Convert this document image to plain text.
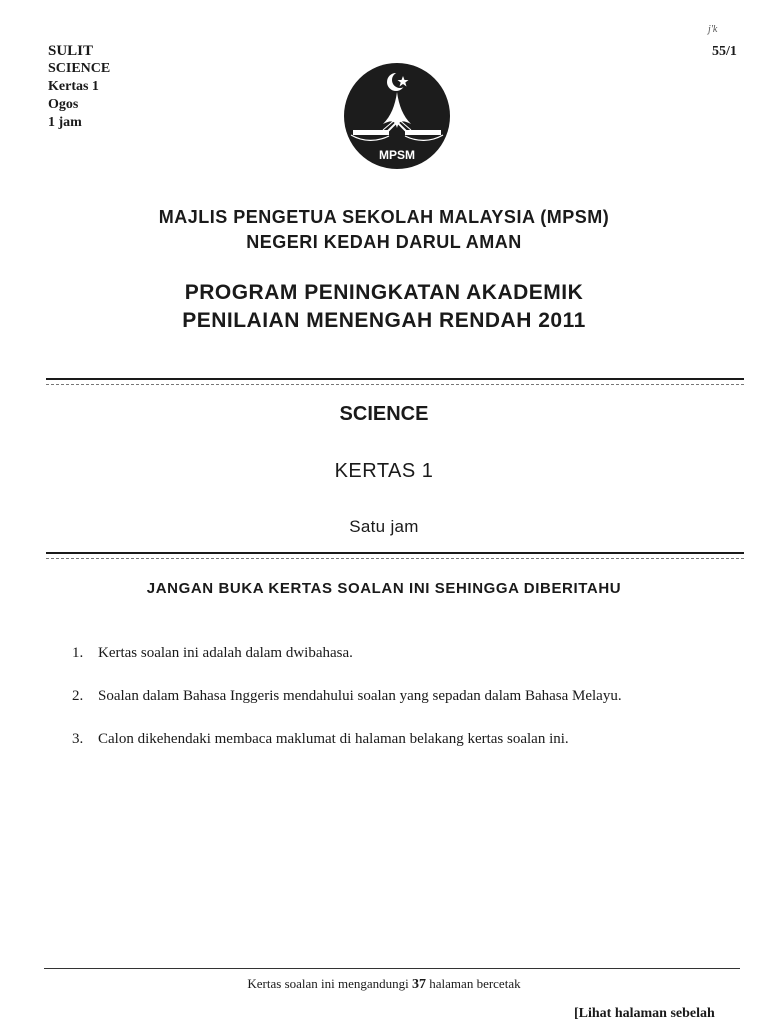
j'k
SULIT
SCIENCE
Kertas 1
Ogos
1 jam
55/1
MPSM
MAJLIS PENGETUA SEKOLAH MALAYSIA (MPSM)
NEGERI KEDAH DARUL AMAN
PROGRAM PENINGKATAN AKADEMIK
PENILAIAN MENENGAH RENDAH 2011
SCIENCE
KERTAS 1
Satu jam
JANGAN BUKA KERTAS SOALAN INI SEHINGGA DIBERITAHU
1. Kertas soalan ini adalah dalam dwibahasa.
2. Soalan dalam Bahasa Inggeris mendahului soalan yang sepadan dalam Bahasa Melayu.
3. Calon dikehendaki membaca maklumat di halaman belakang kertas soalan ini.
Kertas soalan ini mengandungi 37 halaman bercetak
[Lihat halaman sebelah
